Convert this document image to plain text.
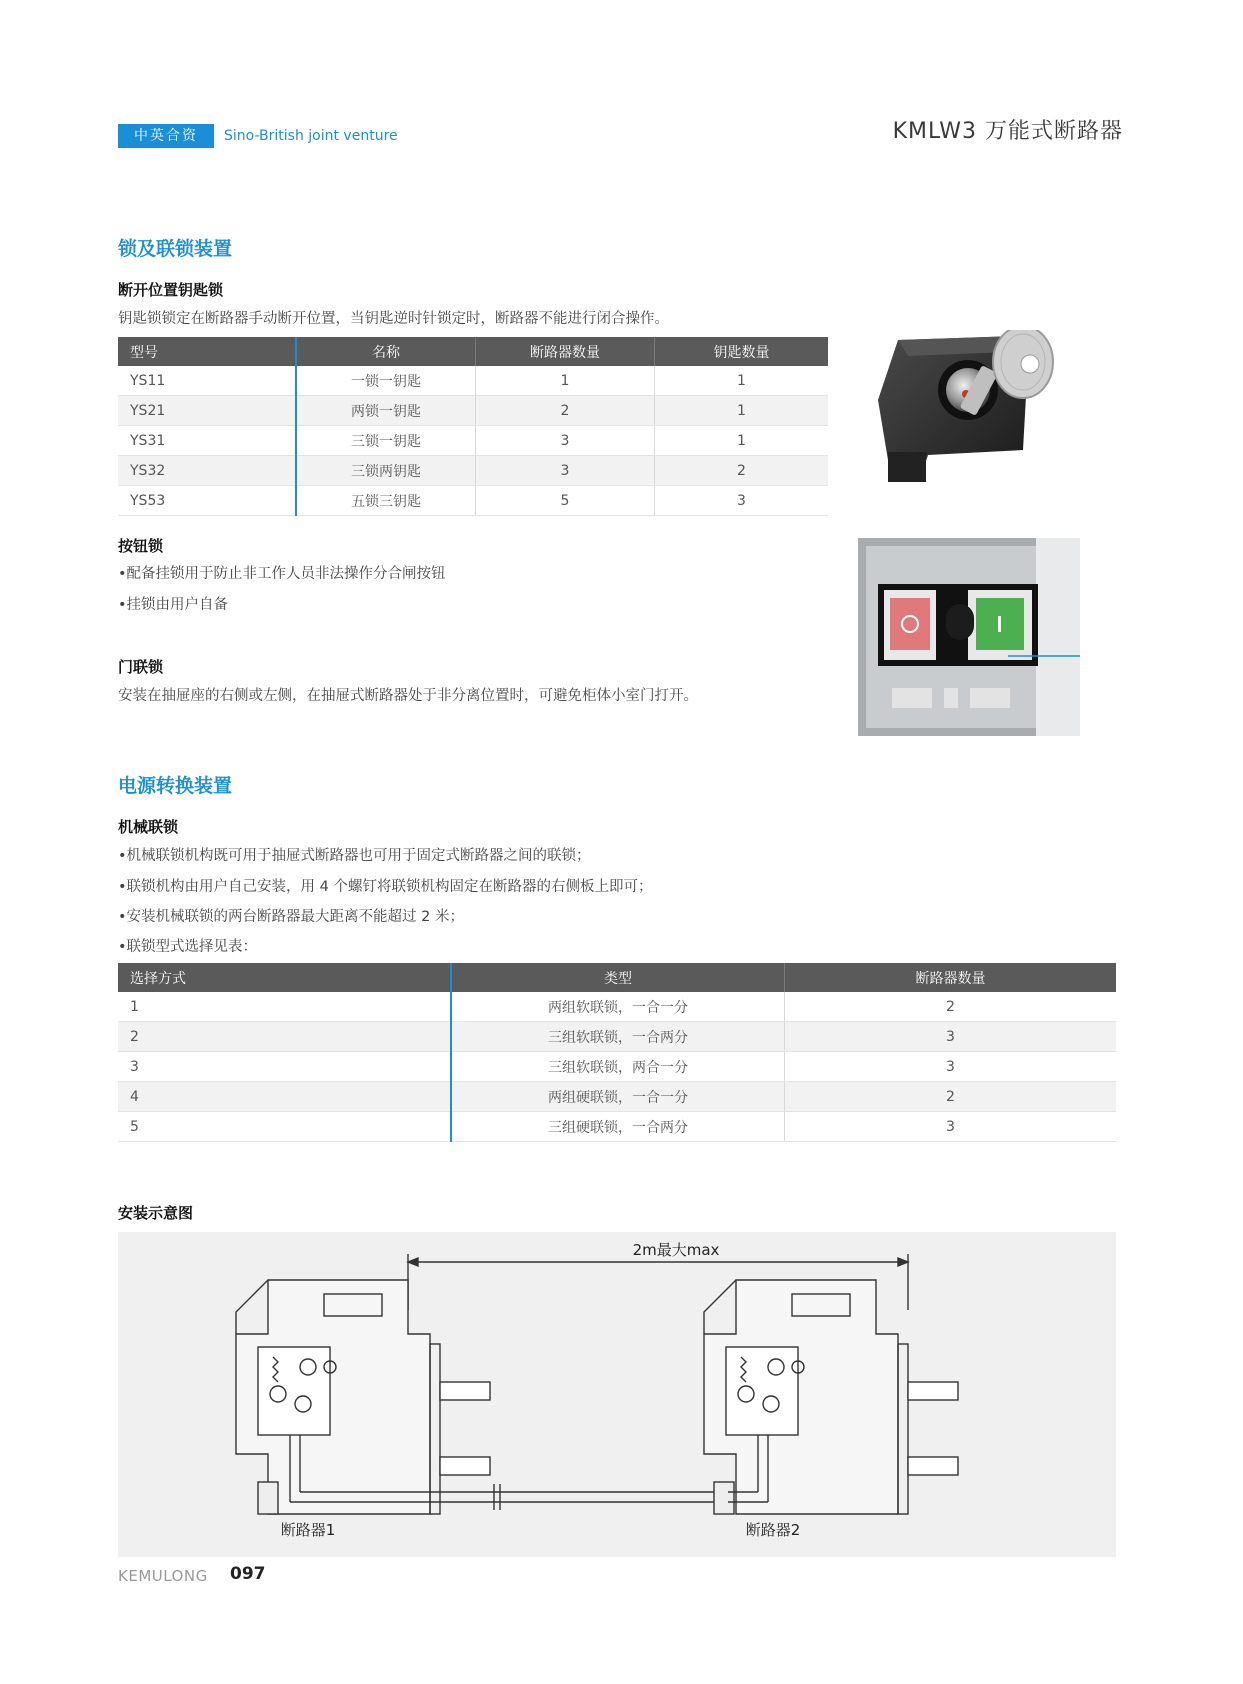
中英合资	Sino-British joint venture	KMLW3 万能式断路器
锁及联锁装置
断开位置钥匙锁
钥匙锁锁定在断路器手动断开位置，当钥匙逆时针锁定时，断路器不能进行闭合操作。
型号	名称	断路器数量	钥匙数量
YS11	一锁一钥匙	1	1
YS21	两锁一钥匙	2	1
YS31	三锁一钥匙	3	1
YS32	三锁两钥匙	3	2
YS53	五锁三钥匙	5	3
按钮锁
•配备挂锁用于防止非工作人员非法操作分合闸按钮
•挂锁由用户自备
门联锁
安装在抽屉座的右侧或左侧，在抽屉式断路器处于非分离位置时，可避免柜体小室门打开。
电源转换装置
机械联锁
•机械联锁机构既可用于抽屉式断路器也可用于固定式断路器之间的联锁；
•联锁机构由用户自己安装，用 4 个螺钉将联锁机构固定在断路器的右侧板上即可；
•安装机械联锁的两台断路器最大距离不能超过 2 米；
•联锁型式选择见表：
选择方式	类型	断路器数量
1	两组软联锁，一合一分	2
2	三组软联锁，一合两分	3
3	三组软联锁，两合一分	3
4	两组硬联锁，一合一分	2
5	三组硬联锁，一合两分	3
安装示意图
2m最大max
断路器1	断路器2
KEMULONG 097
